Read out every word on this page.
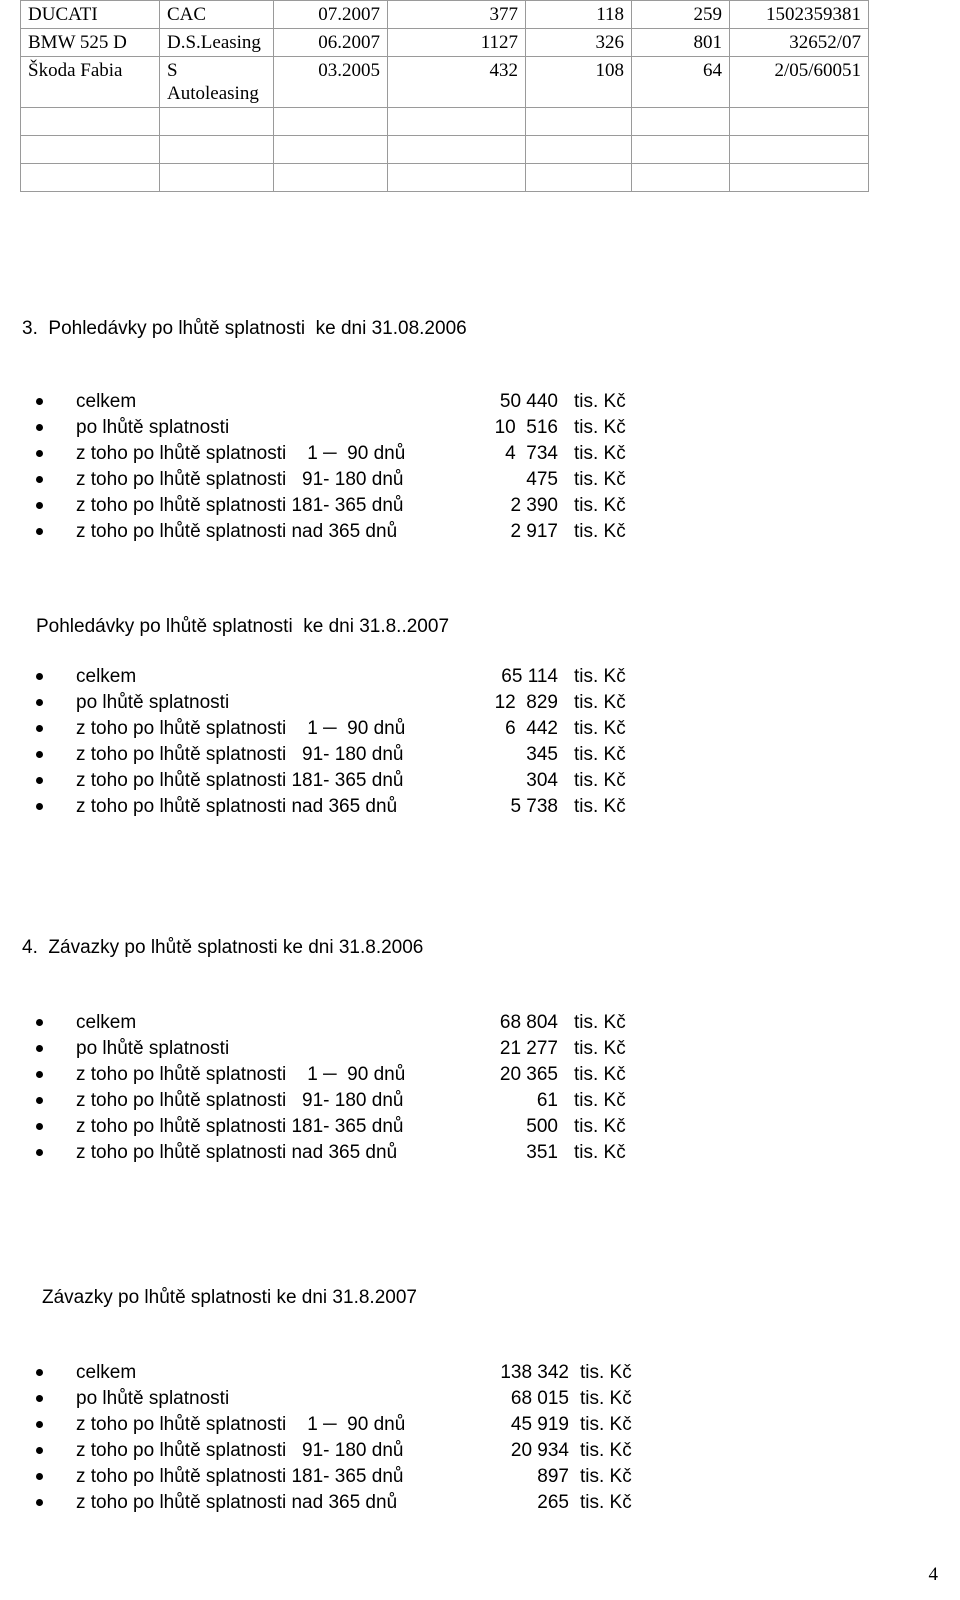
DUCATI	CAC	07.2007	377	118	259	1502359381
BMW 525 D	D.S.Leasing	06.2007	1127	326	801	32652/07
Škoda Fabia	S Autoleasing	03.2005	432	108	64	2/05/60051

3.  Pohledávky po lhůtě splatnosti  ke dni 31.08.2006
celkem	50 440 tis. Kč
po lhůtě splatnosti	10  516 tis. Kč
z toho po lhůtě splatnosti    1 ─  90 dnů	4  734 tis. Kč
z toho po lhůtě splatnosti   91- 180 dnů	475 tis. Kč
z toho po lhůtě splatnosti 181- 365 dnů	2 390 tis. Kč
z toho po lhůtě splatnosti nad 365 dnů	2 917 tis. Kč
Pohledávky po lhůtě splatnosti  ke dni 31.8..2007
celkem	65 114 tis. Kč
po lhůtě splatnosti	12  829 tis. Kč
z toho po lhůtě splatnosti    1 ─  90 dnů	6  442 tis. Kč
z toho po lhůtě splatnosti   91- 180 dnů	345 tis. Kč
z toho po lhůtě splatnosti 181- 365 dnů	304 tis. Kč
z toho po lhůtě splatnosti nad 365 dnů	5 738 tis. Kč
4.  Závazky po lhůtě splatnosti ke dni 31.8.2006
celkem	68 804 tis. Kč
po lhůtě splatnosti	21 277 tis. Kč
z toho po lhůtě splatnosti    1 ─  90 dnů	20 365 tis. Kč
z toho po lhůtě splatnosti   91- 180 dnů	61 tis. Kč
z toho po lhůtě splatnosti 181- 365 dnů	500 tis. Kč
z toho po lhůtě splatnosti nad 365 dnů	351 tis. Kč
Závazky po lhůtě splatnosti ke dni 31.8.2007
celkem	138 342 tis. Kč
po lhůtě splatnosti	68 015 tis. Kč
z toho po lhůtě splatnosti    1 ─  90 dnů	45 919 tis. Kč
z toho po lhůtě splatnosti   91- 180 dnů	20 934 tis. Kč
z toho po lhůtě splatnosti 181- 365 dnů	897 tis. Kč
z toho po lhůtě splatnosti nad 365 dnů	265 tis. Kč
4
